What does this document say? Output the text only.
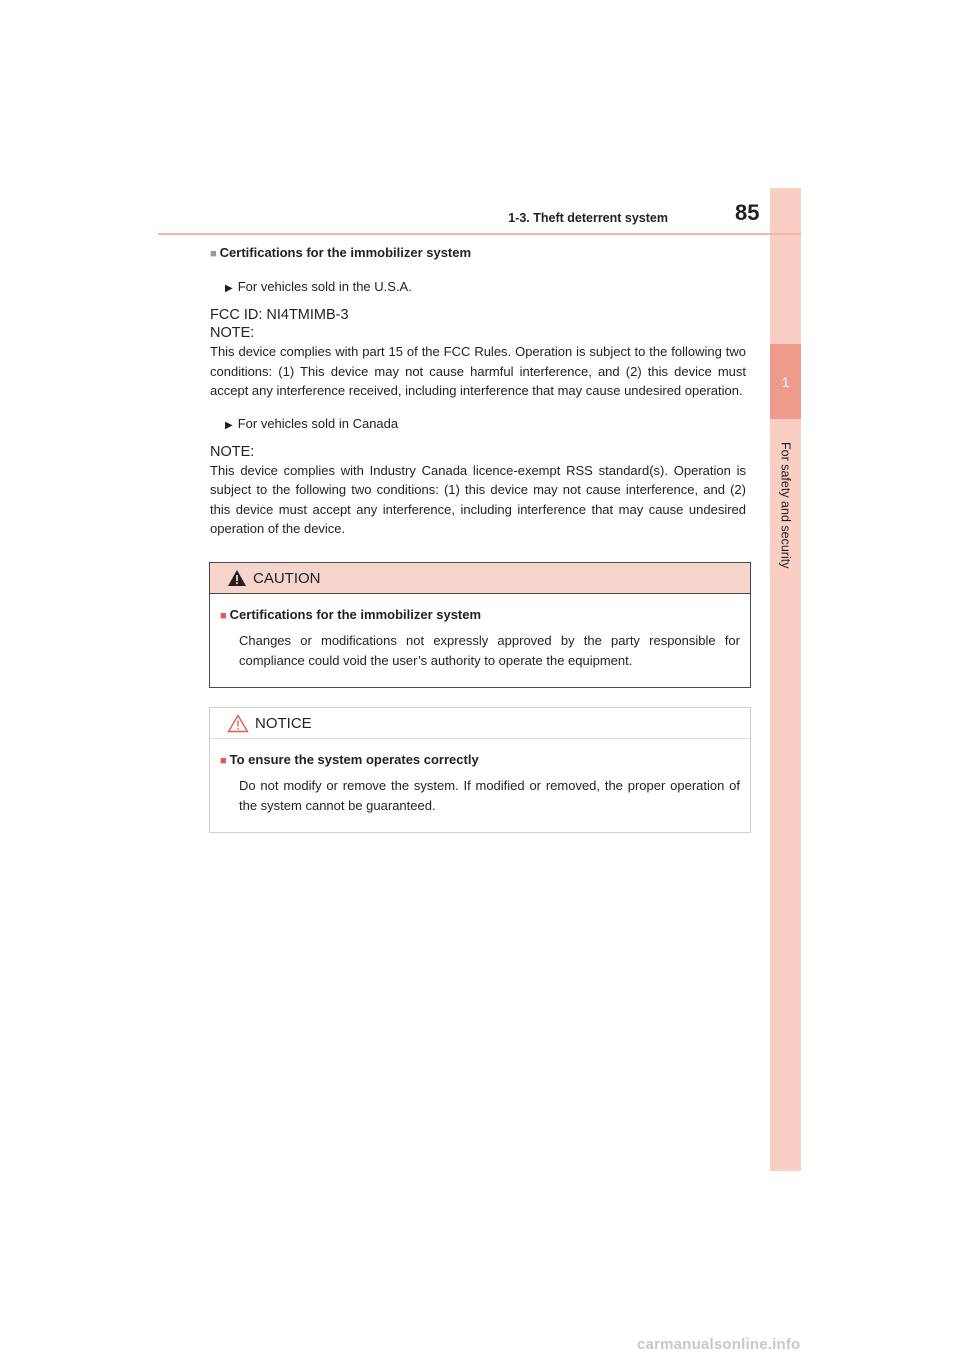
1
For safety and security
1-3. Theft deterrent system	85

■ Certifications for the immobilizer system

▶ For vehicles sold in the U.S.A.

FCC ID: NI4TMIMB-3

NOTE:

This device complies with part 15 of the FCC Rules. Operation is subject to the following two conditions: (1) This device may not cause harmful interference, and (2) this device must accept any interference received, including interference that may cause undesired operation.

▶ For vehicles sold in Canada

NOTE:

This device complies with Industry Canada licence-exempt RSS standard(s). Operation is subject to the following two conditions: (1) this device may not cause interference, and (2) this device must accept any interference, including interference that may cause undesired operation of the device.

CAUTION

■ Certifications for the immobilizer system

Changes or modifications not expressly approved by the party responsible for compliance could void the user’s authority to operate the equipment.

NOTICE

■ To ensure the system operates correctly

Do not modify or remove the system. If modified or removed, the proper operation of the system cannot be guaranteed.

carmanualsonline.info
